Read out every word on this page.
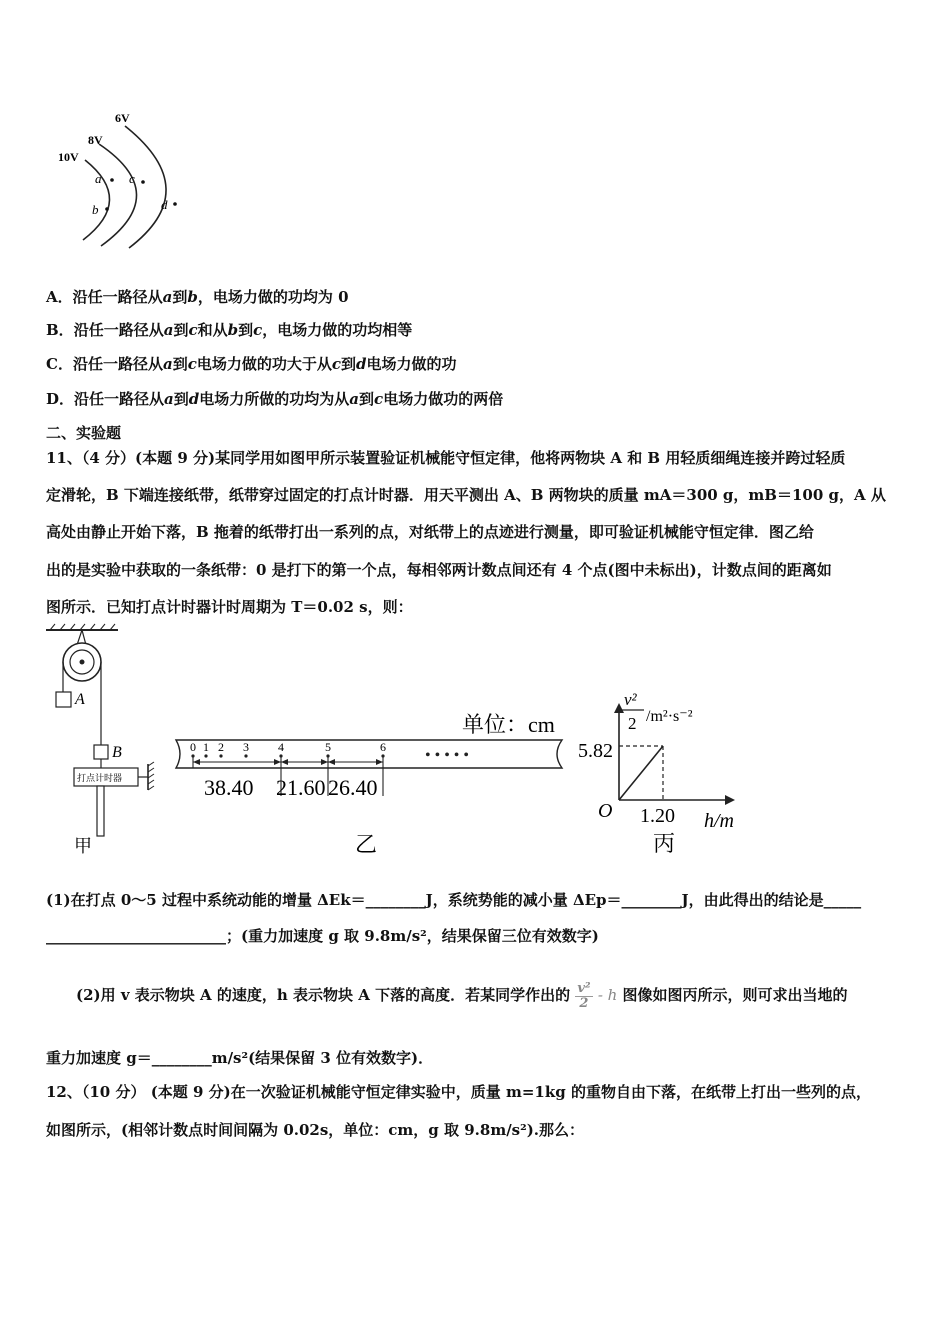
6V
8V
10V
a
b
c
d
A．沿任一路径从a到b，电场力做的功均为 0
B．沿任一路径从a到c和从b到c，电场力做的功均相等
C．沿任一路径从a到c电场力做的功大于从c到d电场力做的功
D．沿任一路径从a到d电场力所做的功均为从a到c电场力做功的两倍
二、实验题
11、（4 分）(本题 9 分)某同学用如图甲所示装置验证机械能守恒定律，他将两物块 A 和 B 用轻质细绳连接并跨过轻质
定滑轮，B 下端连接纸带，纸带穿过固定的打点计时器．用天平测出 A、B 两物块的质量 mA＝300 g，mB＝100 g，A 从
高处由静止开始下落，B 拖着的纸带打出一系列的点，对纸带上的点迹进行测量，即可验证机械能守恒定律．图乙给
出的是实验中获取的一条纸带：0 是打下的第一个点，每相邻两计数点间还有 4 个点(图中未标出)，计数点间的距离如
图所示．已知打点计时器计时周期为 T＝0.02 s，则：
A
B
打点计时器
甲
单位：cm
0 1 2 3 4	5	6 • • • • •
38.40 21.60 26.40
乙
v²
2 /m²·s⁻²
5.82
1.20
O	h/m
丙
(1)在打点 0～5 过程中系统动能的增量 ΔEk＝________J，系统势能的减小量 ΔEp＝________J，由此得出的结论是_____
________________________；(重力加速度 g 取 9.8m/s²，结果保留三位有效数字)
(2)用 v 表示物块 A 的速度，h 表示物块 A 下落的高度．若某同学作出的 $\frac{\text{v²}}{2}$ - h 图像如图丙所示，则可求出当地的
重力加速度 g＝________m/s²(结果保留 3 位有效数字)．
12、（10 分） (本题 9 分)在一次验证机械能守恒定律实验中，质量 m=1kg 的重物自由下落，在纸带上打出一些列的点，
如图所示，(相邻计数点时间间隔为 0.02s，单位：cm，g 取 9.8m/s²).那么：
